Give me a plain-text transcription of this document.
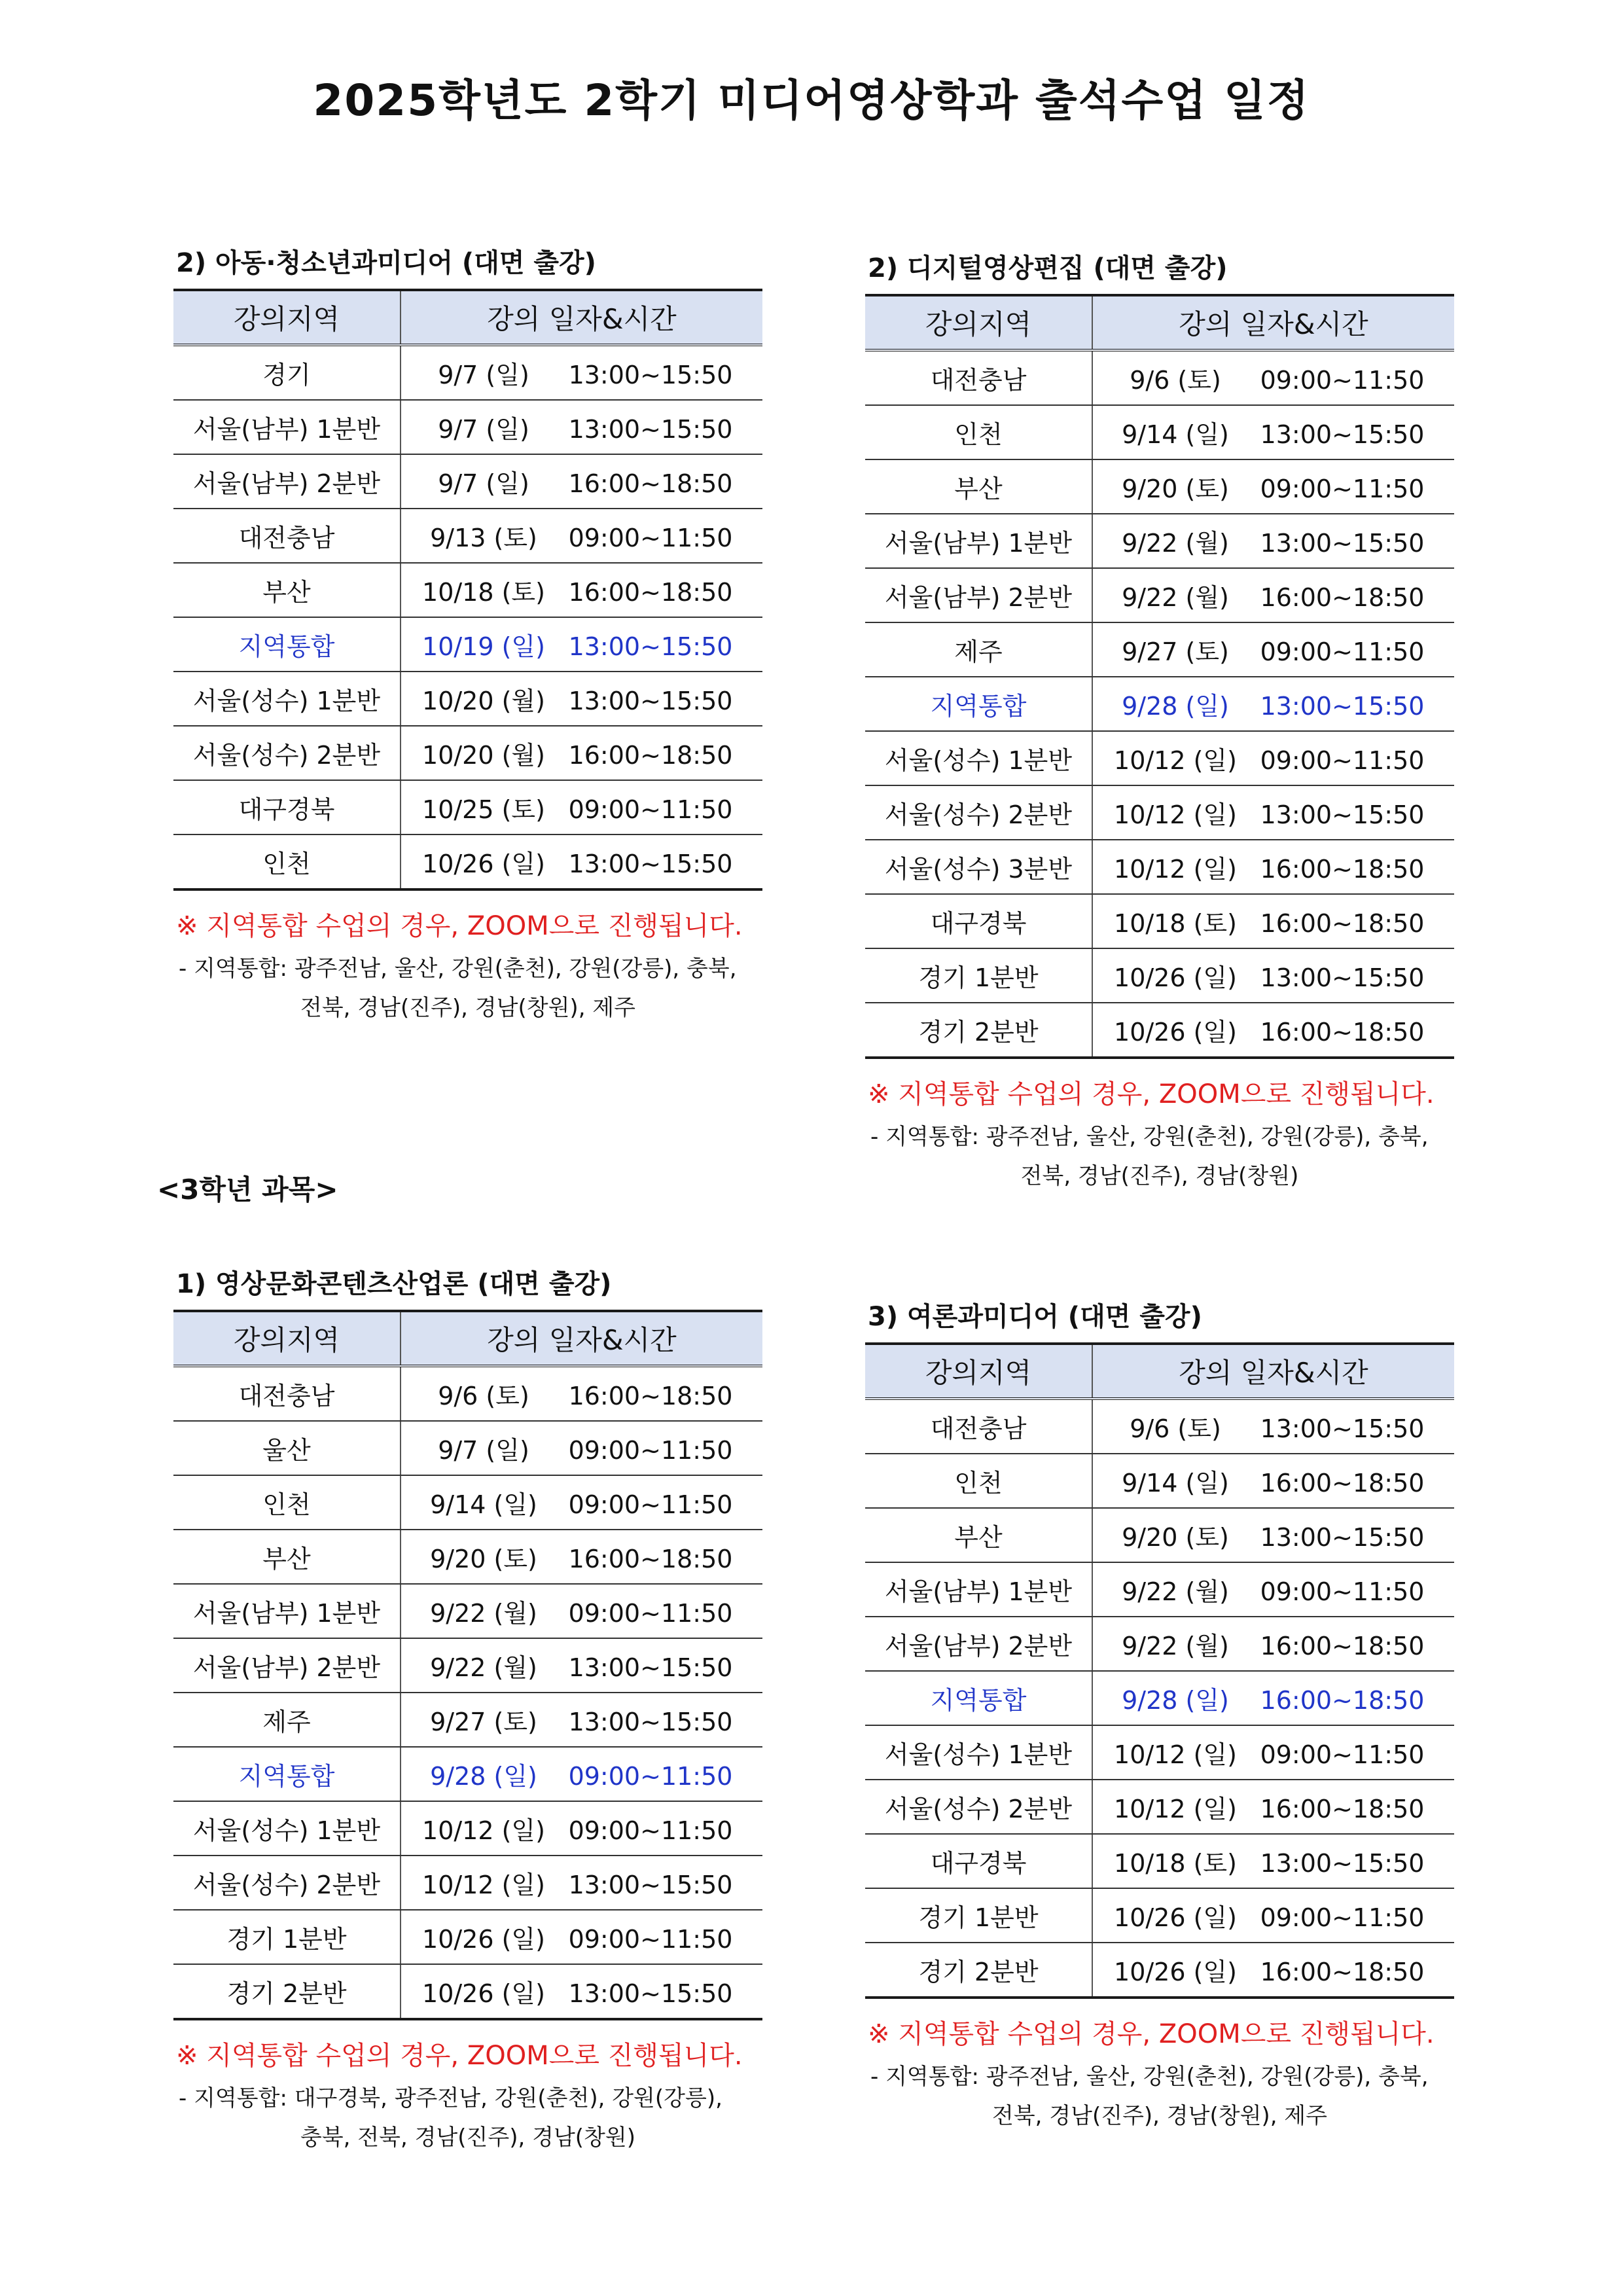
2025학년도 2학기 미디어영상학과 출석수업 일정
<3학년 과목>
2) 아동·청소년과미디어 (대면 출강)
강의지역	강의 일자&시간
경기	9/7 (일) 13:00~15:50
서울(남부) 1분반	9/7 (일) 13:00~15:50
서울(남부) 2분반	9/7 (일) 16:00~18:50
대전충남	9/13 (토) 09:00~11:50
부산	10/18 (토) 16:00~18:50
지역통합	10/19 (일) 13:00~15:50
서울(성수) 1분반	10/20 (월) 13:00~15:50
서울(성수) 2분반	10/20 (월) 16:00~18:50
대구경북	10/25 (토) 09:00~11:50
인천	10/26 (일) 13:00~15:50
※ 지역통합 수업의 경우, ZOOM으로 진행됩니다.
- 지역통합: 광주전남, 울산, 강원(춘천), 강원(강릉), 충북,
전북, 경남(진주), 경남(창원), 제주
2) 디지털영상편집 (대면 출강)
강의지역	강의 일자&시간
대전충남	9/6 (토) 09:00~11:50
인천	9/14 (일) 13:00~15:50
부산	9/20 (토) 09:00~11:50
서울(남부) 1분반	9/22 (월) 13:00~15:50
서울(남부) 2분반	9/22 (월) 16:00~18:50
제주	9/27 (토) 09:00~11:50
지역통합	9/28 (일) 13:00~15:50
서울(성수) 1분반	10/12 (일) 09:00~11:50
서울(성수) 2분반	10/12 (일) 13:00~15:50
서울(성수) 3분반	10/12 (일) 16:00~18:50
대구경북	10/18 (토) 16:00~18:50
경기 1분반	10/26 (일) 13:00~15:50
경기 2분반	10/26 (일) 16:00~18:50
※ 지역통합 수업의 경우, ZOOM으로 진행됩니다.
- 지역통합: 광주전남, 울산, 강원(춘천), 강원(강릉), 충북,
전북, 경남(진주), 경남(창원)
1) 영상문화콘텐츠산업론 (대면 출강)
강의지역	강의 일자&시간
대전충남	9/6 (토) 16:00~18:50
울산	9/7 (일) 09:00~11:50
인천	9/14 (일) 09:00~11:50
부산	9/20 (토) 16:00~18:50
서울(남부) 1분반	9/22 (월) 09:00~11:50
서울(남부) 2분반	9/22 (월) 13:00~15:50
제주	9/27 (토) 13:00~15:50
지역통합	9/28 (일) 09:00~11:50
서울(성수) 1분반	10/12 (일) 09:00~11:50
서울(성수) 2분반	10/12 (일) 13:00~15:50
경기 1분반	10/26 (일) 09:00~11:50
경기 2분반	10/26 (일) 13:00~15:50
※ 지역통합 수업의 경우, ZOOM으로 진행됩니다.
- 지역통합: 대구경북, 광주전남, 강원(춘천), 강원(강릉),
충북, 전북, 경남(진주), 경남(창원)
3) 여론과미디어 (대면 출강)
강의지역	강의 일자&시간
대전충남	9/6 (토) 13:00~15:50
인천	9/14 (일) 16:00~18:50
부산	9/20 (토) 13:00~15:50
서울(남부) 1분반	9/22 (월) 09:00~11:50
서울(남부) 2분반	9/22 (월) 16:00~18:50
지역통합	9/28 (일) 16:00~18:50
서울(성수) 1분반	10/12 (일) 09:00~11:50
서울(성수) 2분반	10/12 (일) 16:00~18:50
대구경북	10/18 (토) 13:00~15:50
경기 1분반	10/26 (일) 09:00~11:50
경기 2분반	10/26 (일) 16:00~18:50
※ 지역통합 수업의 경우, ZOOM으로 진행됩니다.
- 지역통합: 광주전남, 울산, 강원(춘천), 강원(강릉), 충북,
전북, 경남(진주), 경남(창원), 제주
